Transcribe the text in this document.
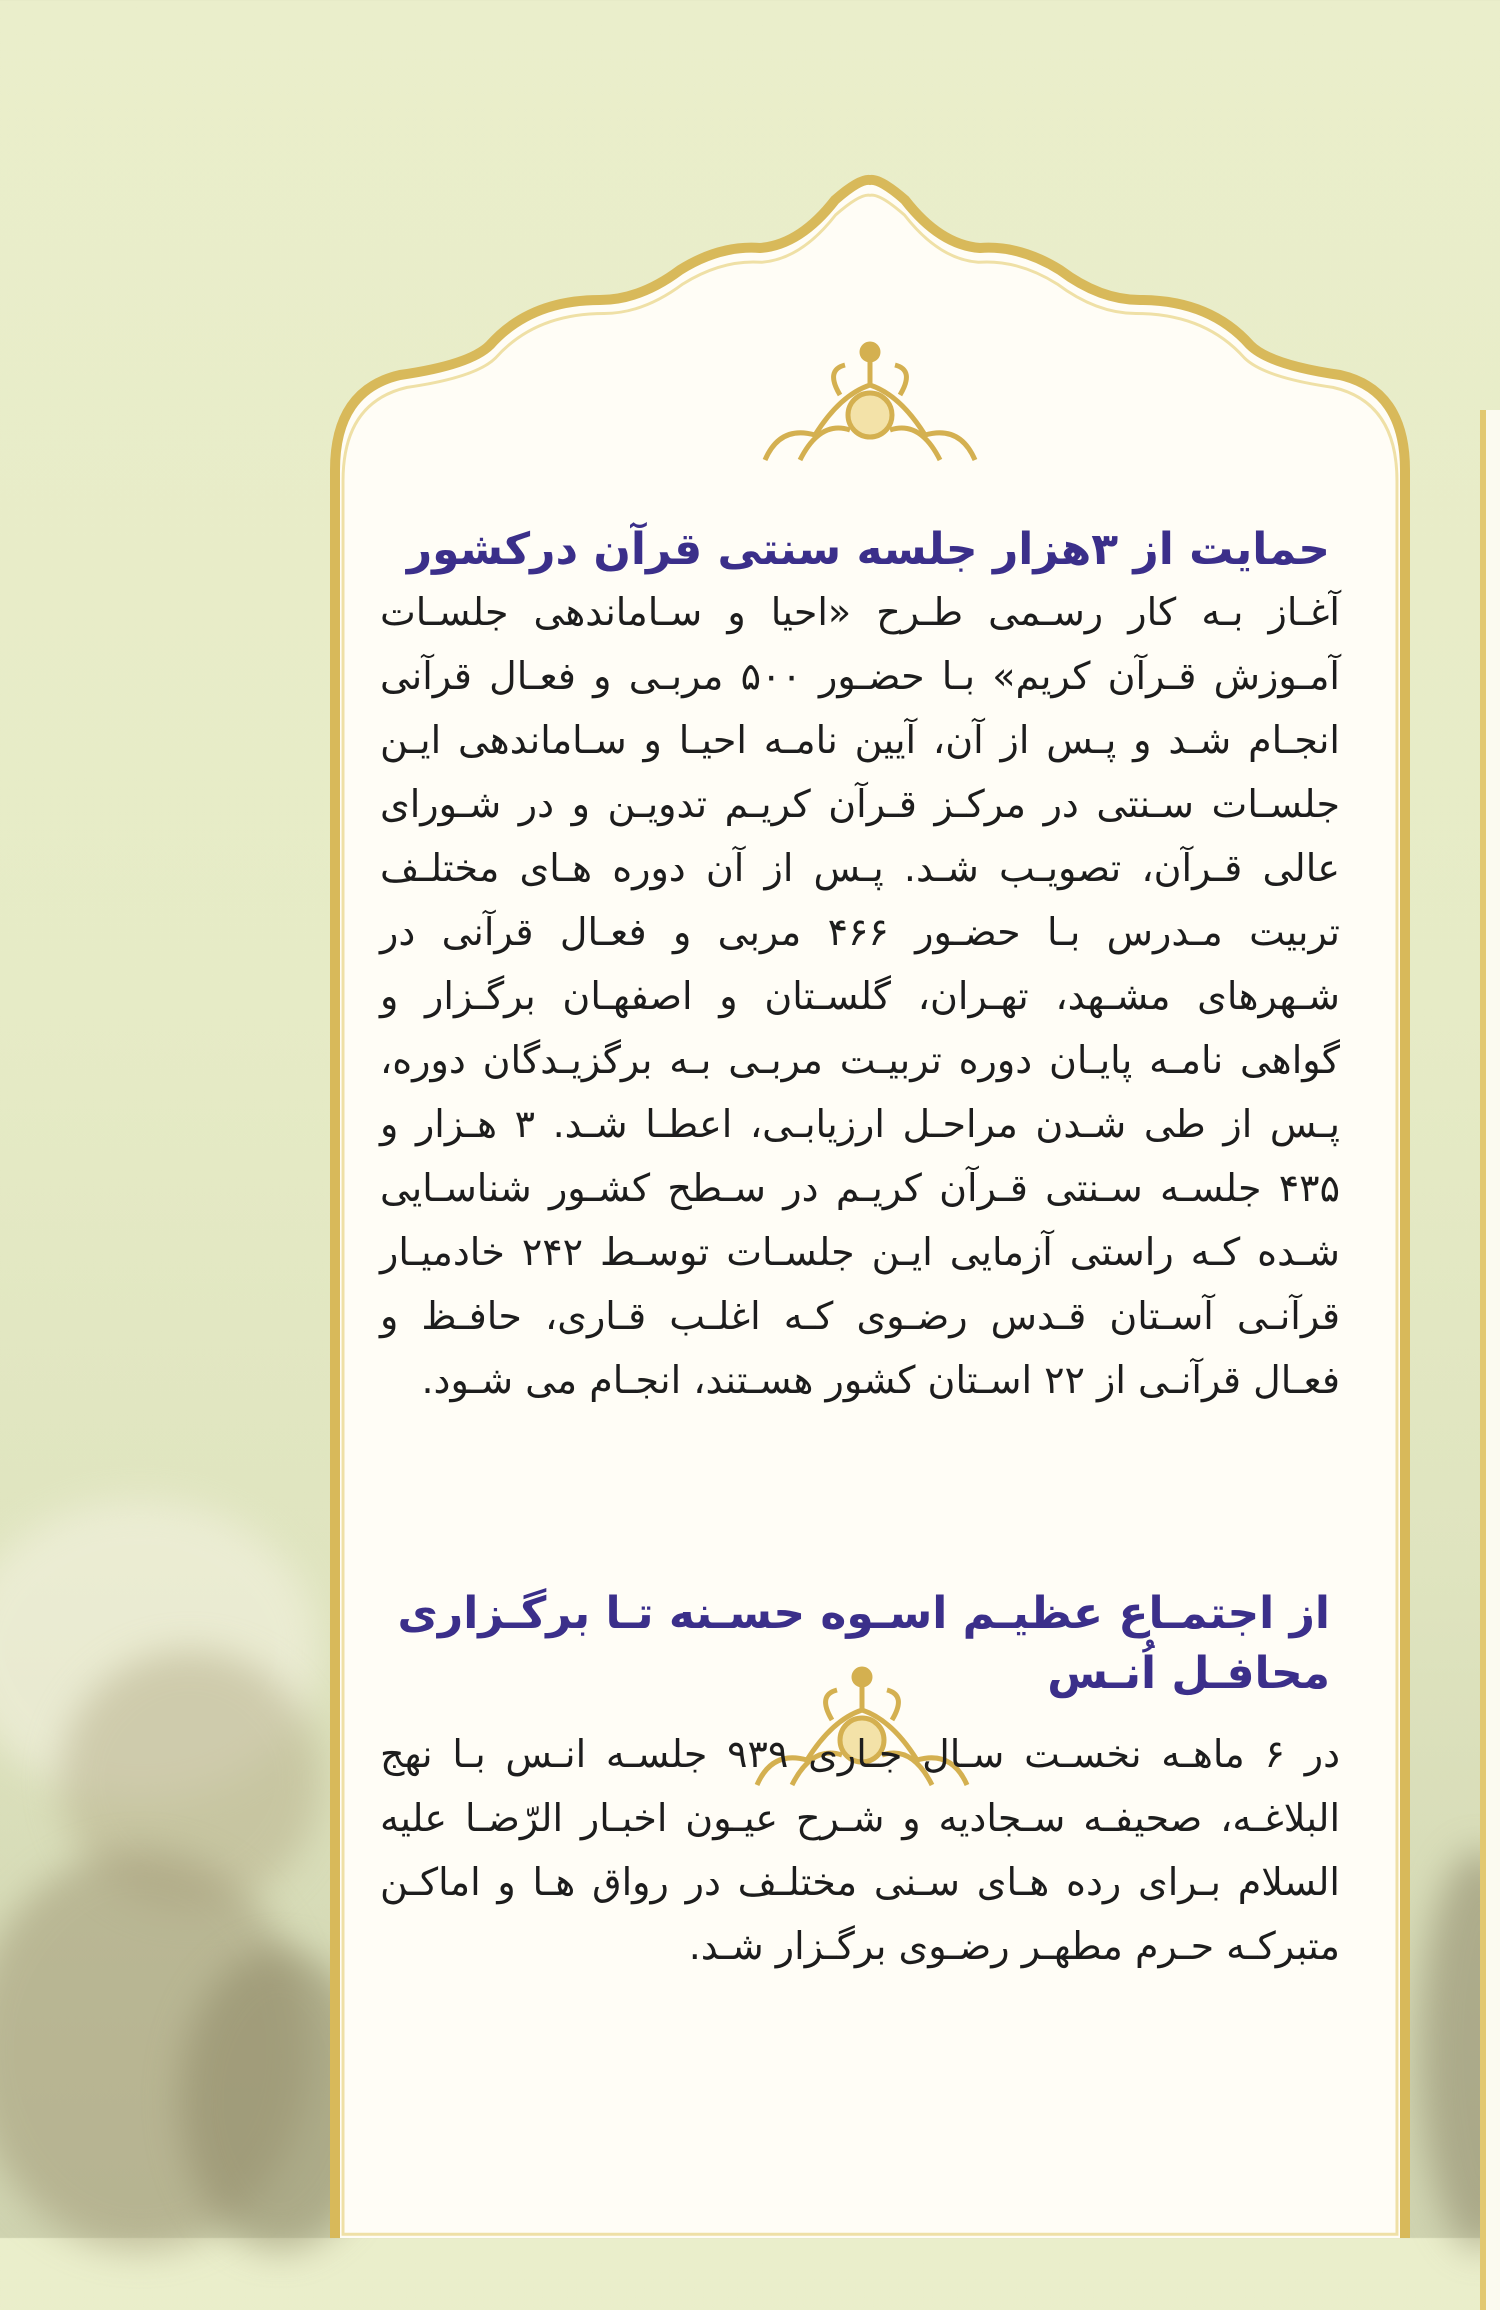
حمایت از ۳هزار جلسه سنتی قرآن درکشور

آغـاز بـه کار رسـمی طـرح «احیا و سـاماندهی جلسـات آمـوزش قـرآن کریم» بـا حضـور ۵۰۰ مربـی و فعـال قرآنی انجـام شـد و پـس از آن، آیین نامـه احیـا و سـاماندهی ایـن جلسـات سـنتی در مرکـز قـرآن کریـم تدویـن و در شـورای عالی قـرآن، تصویـب شـد. پـس از آن دوره هـای مختلـف تربیت مـدرس بـا حضـور ۴۶۶ مربی و فعـال قرآنی در شـهرهای مشـهد، تهـران، گلسـتان و اصفهـان برگـزار و گواهی نامـه پایـان دوره تربیـت مربـی بـه برگزیـدگان دوره، پـس از طی شـدن مراحـل ارزیابـی، اعطـا شـد. ۳ هـزار و ۴۳۵ جلسـه سـنتی قـرآن کریـم در سـطح کشـور شناسـایی شـده کـه راستی آزمایی ایـن جلسـات توسـط ۲۴۲ خادمیـار قرآنـی آسـتان قـدس رضـوی کـه اغلـب قـاری، حافـظ و فعـال قرآنـی از ۲۲ اسـتان کشور هسـتند، انجـام می شـود.

از اجتمـاع عظیـم اسـوه حسـنه تـا برگـزاری محافـل اُنـس

در ۶ ماهـه نخسـت سـال جـاری ۹۳۹ جلسـه انـس بـا نهج البلاغـه، صحیفـه سـجادیه و شـرح عیـون اخبـار الرّضـا علیه السلام بـرای رده هـای سـنی مختلـف در رواق هـا و اماکـن متبرکـه حـرم مطهـر رضـوی برگـزار شـد.
